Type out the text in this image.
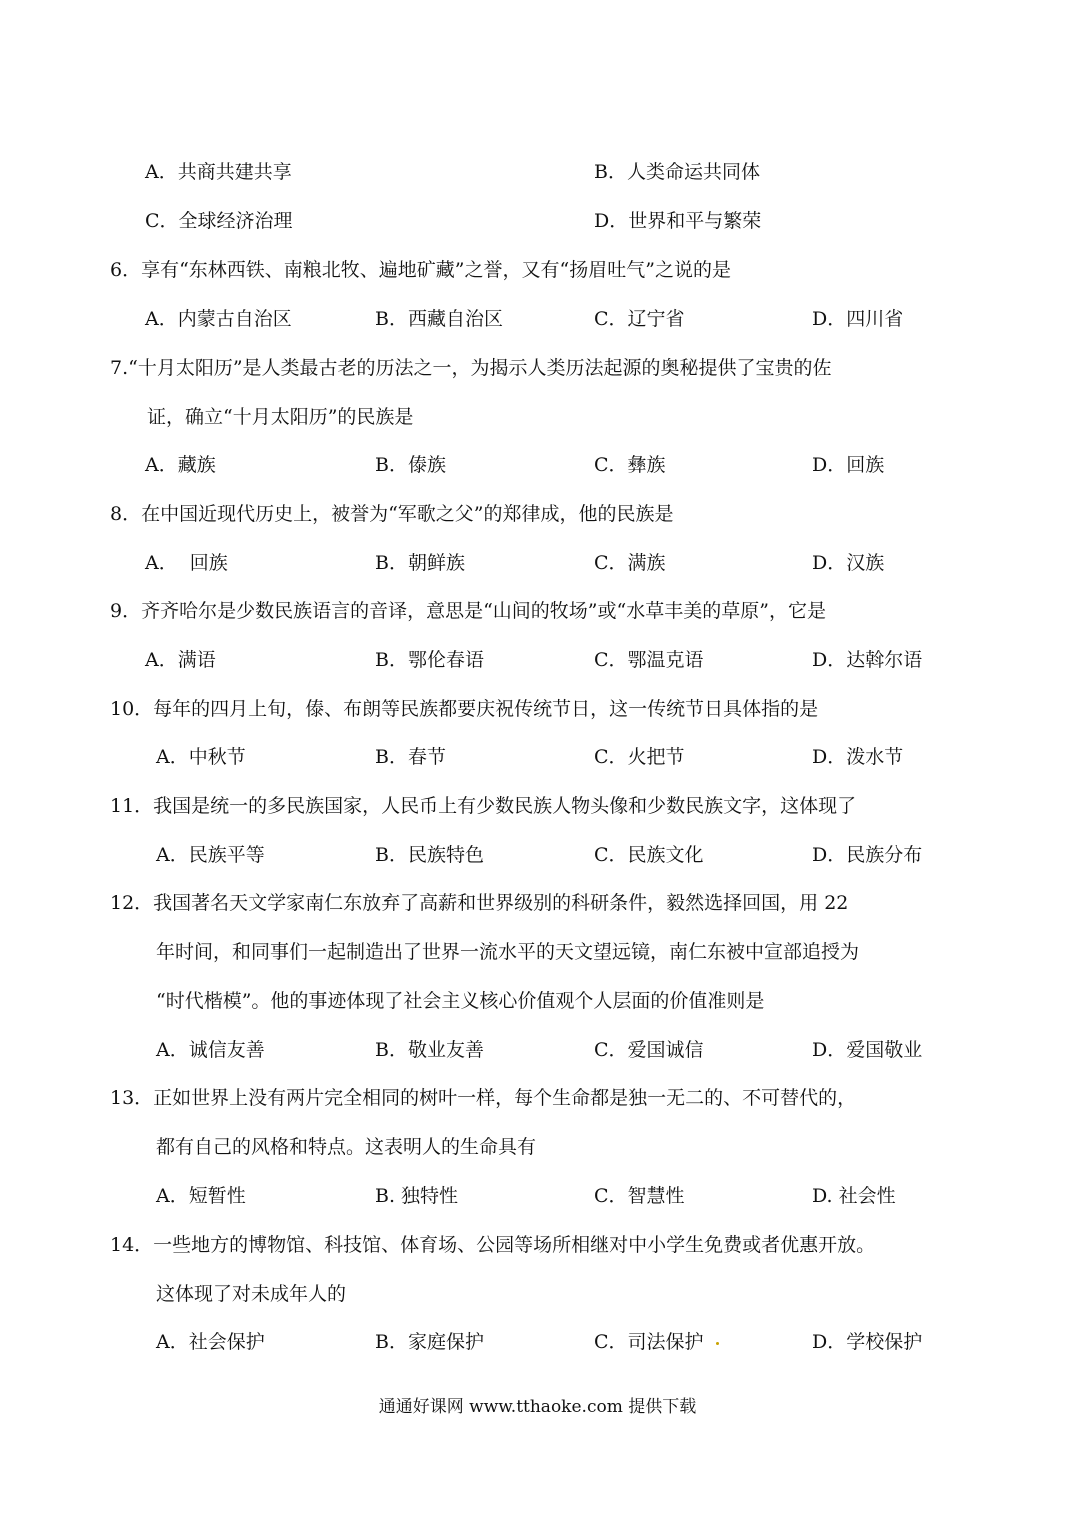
A．共商共建共享	B．人类命运共同体
C．全球经济治理	D．世界和平与繁荣
6．享有“东林西铁、南粮北牧、遍地矿藏”之誉，又有“扬眉吐气”之说的是
A．内蒙古自治区	B．西藏自治区	C．辽宁省	D．四川省
7.“十月太阳历”是人类最古老的历法之一，为揭示人类历法起源的奥秘提供了宝贵的佐
证，确立“十月太阳历”的民族是
A．藏族	B．傣族	C．彝族	D．回族
8．在中国近现代历史上，被誉为“军歌之父”的郑律成，他的民族是
A．  回族	B．朝鲜族	C．满族	D．汉族
9．齐齐哈尔是少数民族语言的音译，意思是“山间的牧场”或“水草丰美的草原”，它是
A．满语	B．鄂伦春语	C．鄂温克语	D．达斡尔语
10．每年的四月上旬，傣、布朗等民族都要庆祝传统节日，这一传统节日具体指的是
A．中秋节	B．春节	C．火把节	D．泼水节
11．我国是统一的多民族国家，人民币上有少数民族人物头像和少数民族文字，这体现了
A．民族平等	B．民族特色	C．民族文化	D．民族分布
12．我国著名天文学家南仁东放弃了高薪和世界级别的科研条件，毅然选择回国，用 22
年时间，和同事们一起制造出了世界一流水平的天文望远镜，南仁东被中宣部追授为
“时代楷模”。他的事迹体现了社会主义核心价值观个人层面的价值准则是
A．诚信友善	B．敬业友善	C．爱国诚信	D．爱国敬业
13．正如世界上没有两片完全相同的树叶一样，每个生命都是独一无二的、不可替代的，
都有自己的风格和特点。这表明人的生命具有
A．短暂性	B. 独特性	C．智慧性	D. 社会性
14．一些地方的博物馆、科技馆、体育场、公园等场所相继对中小学生免费或者优惠开放。
这体现了对未成年人的
A．社会保护	B．家庭保护	C．司法保护	D．学校保护
通通好课网 www.tthaoke.com 提供下载
